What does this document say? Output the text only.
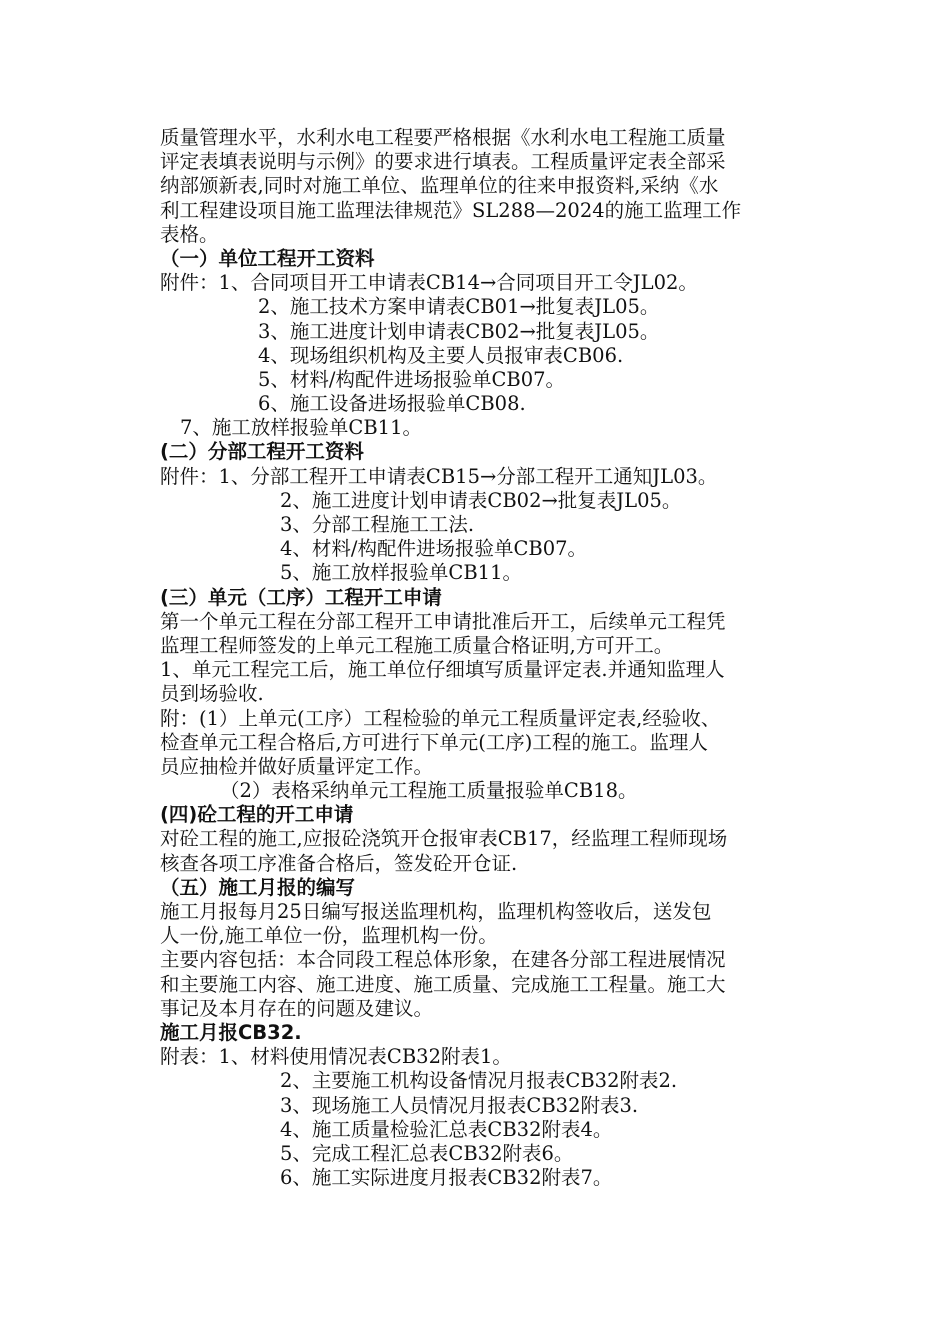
质量管理水平，水利水电工程要严格根据《水利水电工程施工质量
评定表填表说明与示例》的要求进行填表。工程质量评定表全部采
纳部颁新表,同时对施工单位、监理单位的往来申报资料,采纳《水
利工程建设项目施工监理法律规范》SL288—2024的施工监理工作
表格。
（一）单位工程开工资料
附件：1、合同项目开工申请表CB14→合同项目开工令JL02。
2、施工技术方案申请表CB01→批复表JL05。
3、施工进度计划申请表CB02→批复表JL05。
4、现场组织机构及主要人员报审表CB06.
5、材料/构配件进场报验单CB07。
6、施工设备进场报验单CB08.
7、施工放样报验单CB11。
(二）分部工程开工资料
附件：1、分部工程开工申请表CB15→分部工程开工通知JL03。
2、施工进度计划申请表CB02→批复表JL05。
3、分部工程施工工法.
4、材料/构配件进场报验单CB07。
5、施工放样报验单CB11。
(三）单元（工序）工程开工申请
第一个单元工程在分部工程开工申请批准后开工，后续单元工程凭
监理工程师签发的上单元工程施工质量合格证明,方可开工。
1、单元工程完工后，施工单位仔细填写质量评定表.并通知监理人
员到场验收.
附：(1）上单元(工序）工程检验的单元工程质量评定表,经验收、
检查单元工程合格后,方可进行下单元(工序)工程的施工。监理人
员应抽检并做好质量评定工作。
（2）表格采纳单元工程施工质量报验单CB18。
(四)砼工程的开工申请
对砼工程的施工,应报砼浇筑开仓报审表CB17，经监理工程师现场
核查各项工序准备合格后，签发砼开仓证.
（五）施工月报的编写
施工月报每月25日编写报送监理机构，监理机构签收后，送发包
人一份,施工单位一份，监理机构一份。
主要内容包括：本合同段工程总体形象，在建各分部工程进展情况
和主要施工内容、施工进度、施工质量、完成施工工程量。施工大
事记及本月存在的问题及建议。
施工月报CB32.
附表：1、材料使用情况表CB32附表1。
2、主要施工机构设备情况月报表CB32附表2.
3、现场施工人员情况月报表CB32附表3.
4、施工质量检验汇总表CB32附表4。
5、完成工程汇总表CB32附表6。
6、施工实际进度月报表CB32附表7。
